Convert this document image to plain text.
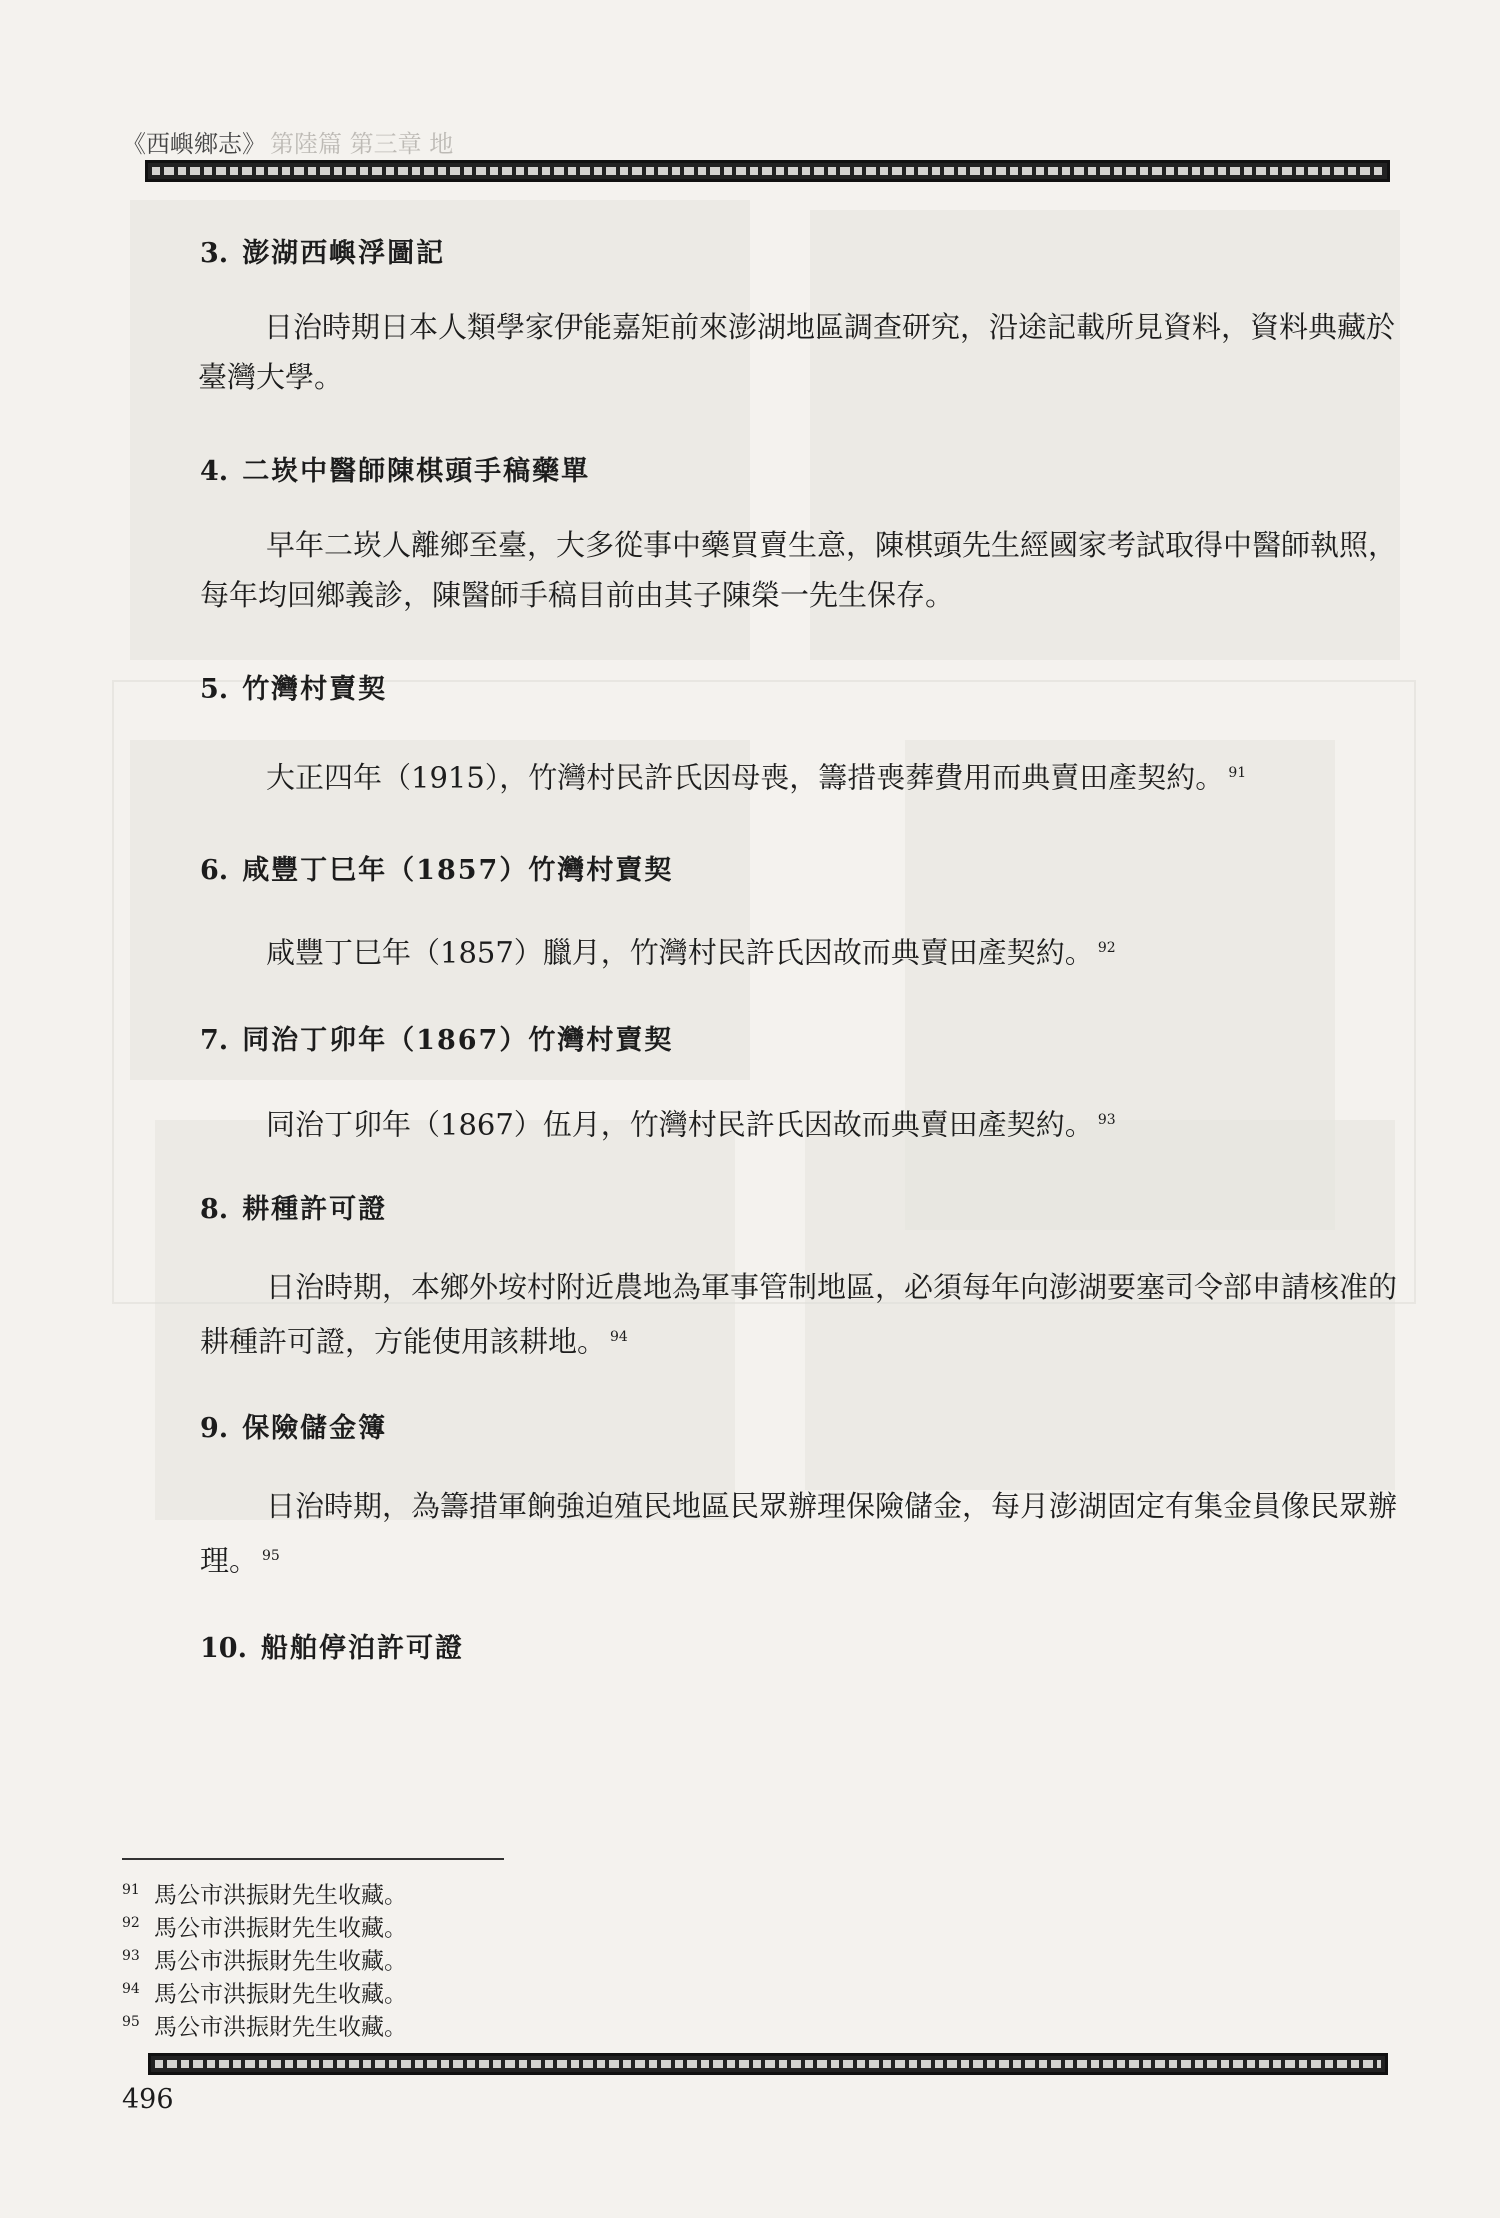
《西嶼鄉志》 第陸篇 第三章 地
3. 澎湖西嶼浮圖記

日治時期日本人類學家伊能嘉矩前來澎湖地區調查研究，沿途記載所見資料，資料典藏於臺灣大學。

4. 二崁中醫師陳棋頭手稿藥單

早年二崁人離鄉至臺，大多從事中藥買賣生意，陳棋頭先生經國家考試取得中醫師執照，每年均回鄉義診，陳醫師手稿目前由其子陳榮一先生保存。

5. 竹灣村賣契

大正四年（1915），竹灣村民許氏因母喪，籌措喪葬費用而典賣田產契約。 $^{91}$

6. 咸豐丁巳年（1857）竹灣村賣契

咸豐丁巳年（1857）臘月，竹灣村民許氏因故而典賣田產契約。 $^{92}$

7. 同治丁卯年（1867）竹灣村賣契

同治丁卯年（1867）伍月，竹灣村民許氏因故而典賣田產契約。 $^{93}$

8. 耕種許可證

日治時期，本鄉外垵村附近農地為軍事管制地區，必須每年向澎湖要塞司令部申請核准的耕種許可證，方能使用該耕地。 $^{94}$

9. 保險儲金簿

日治時期，為籌措軍餉強迫殖民地區民眾辦理保險儲金，每月澎湖固定有集金員像民眾辦理。 $^{95}$

10. 船舶停泊許可證
91 馬公市洪振財先生收藏。
92 馬公市洪振財先生收藏。
93 馬公市洪振財先生收藏。
94 馬公市洪振財先生收藏。
95 馬公市洪振財先生收藏。
496
